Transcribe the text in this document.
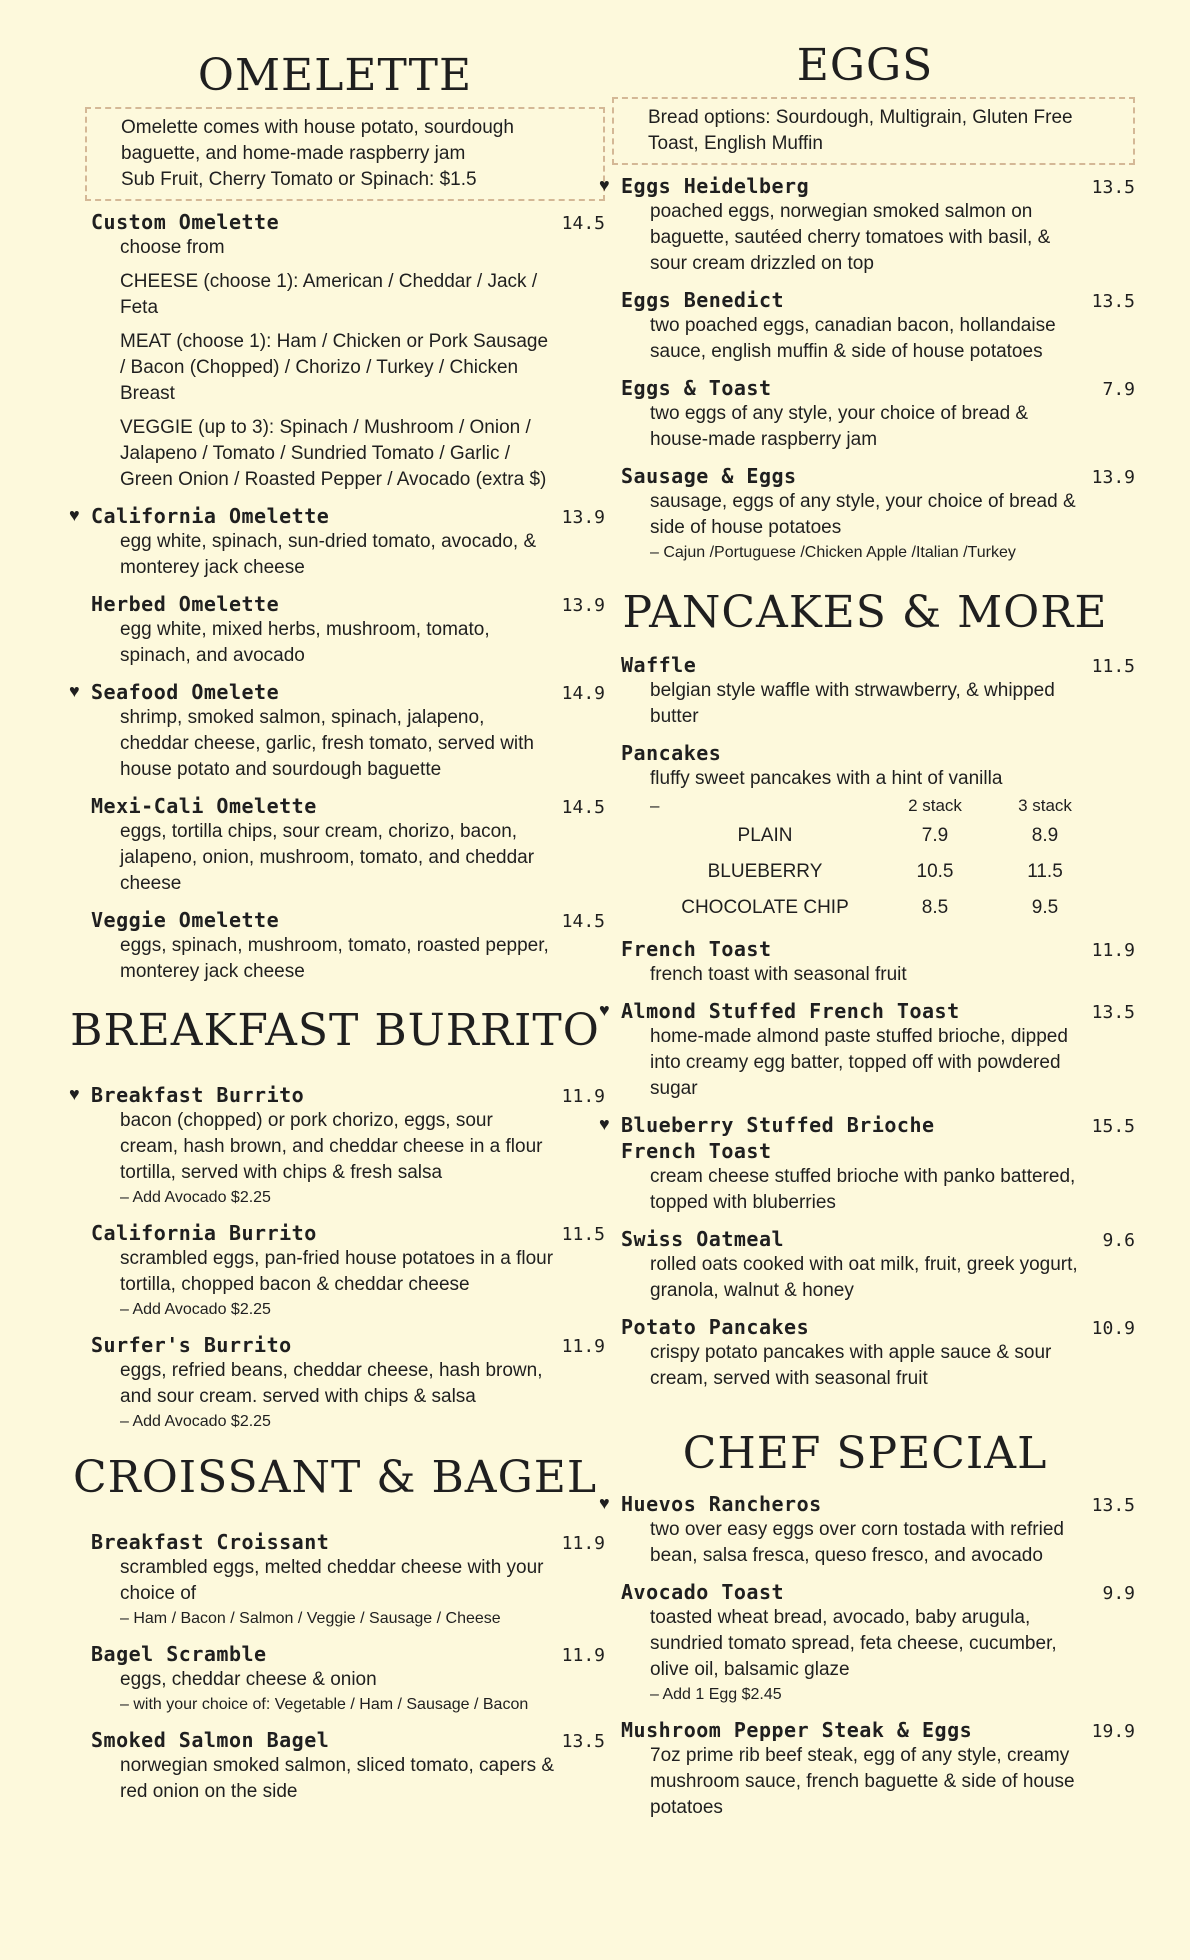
OMELETTE
Omelette comes with house potato, sourdough baguette, and home-made raspberry jam
Sub Fruit, Cherry Tomato or Spinach: $1.5
Custom Omelette	14.5

choose from

CHEESE (choose 1): American / Cheddar / Jack / Feta

MEAT (choose 1): Ham / Chicken or Pork Sausage / Bacon (Chopped) / Chorizo / Turkey / Chicken Breast

VEGGIE (up to 3): Spinach / Mushroom / Onion / Jalapeno / Tomato / Sundried Tomato / Garlic / Green Onion / Roasted Pepper / Avocado (extra $)

♥ California Omelette	13.9
egg white, spinach, sun-dried tomato, avocado, & monterey jack cheese
Herbed Omelette	13.9
egg white, mixed herbs, mushroom, tomato, spinach, and avocado
♥ Seafood Omelete	14.9
shrimp, smoked salmon, spinach, jalapeno, cheddar cheese, garlic, fresh tomato, served with house potato and sourdough baguette
Mexi-Cali Omelette	14.5
eggs, tortilla chips, sour cream, chorizo, bacon, jalapeno, onion, mushroom, tomato, and cheddar cheese
Veggie Omelette	14.5
eggs, spinach, mushroom, tomato, roasted pepper, monterey jack cheese
BREAKFAST BURRITO
♥ Breakfast Burrito	11.9
bacon (chopped) or pork chorizo, eggs, sour cream, hash brown, and cheddar cheese in a flour tortilla, served with chips & fresh salsa
– Add Avocado $2.25
California Burrito	11.5
scrambled eggs, pan-fried house potatoes in a flour tortilla, chopped bacon & cheddar cheese
– Add Avocado $2.25
Surfer's Burrito	11.9
eggs, refried beans, cheddar cheese, hash brown, and sour cream. served with chips & salsa
– Add Avocado $2.25
CROISSANT & BAGEL
Breakfast Croissant	11.9
scrambled eggs, melted cheddar cheese with your choice of
– Ham / Bacon / Salmon / Veggie / Sausage / Cheese
Bagel Scramble	11.9
eggs, cheddar cheese & onion
– with your choice of: Vegetable / Ham / Sausage / Bacon
Smoked Salmon Bagel	13.5
norwegian smoked salmon, sliced tomato, capers & red onion on the side
EGGS
Bread options: Sourdough, Multigrain, Gluten Free Toast, English Muffin
♥ Eggs Heidelberg	13.5
poached eggs, norwegian smoked salmon on baguette, sautéed cherry tomatoes with basil, & sour cream drizzled on top
Eggs Benedict	13.5
two poached eggs, canadian bacon, hollandaise sauce, english muffin & side of house potatoes
Eggs & Toast	7.9
two eggs of any style, your choice of bread & house-made raspberry jam
Sausage & Eggs	13.9
sausage, eggs of any style, your choice of bread & side of house potatoes
– Cajun /Portuguese /Chicken Apple /Italian /Turkey
PANCAKES & MORE
Waffle	11.5
belgian style waffle with strwawberry, & whipped butter
Pancakes
fluffy sweet pancakes with a hint of vanilla
–	2 stack	3 stack
PLAIN	7.9	8.9
BLUEBERRY	10.5	11.5
CHOCOLATE CHIP	8.5	9.5
French Toast	11.9
french toast with seasonal fruit
♥ Almond Stuffed French Toast	13.5
home-made almond paste stuffed brioche, dipped into creamy egg batter, topped off with powdered sugar
♥ Blueberry Stuffed Brioche French Toast
15.5
cream cheese stuffed brioche with panko battered, topped with bluberries
Swiss Oatmeal	9.6
rolled oats cooked with oat milk, fruit, greek yogurt, granola, walnut & honey
Potato Pancakes	10.9
crispy potato pancakes with apple sauce & sour cream, served with seasonal fruit
CHEF SPECIAL
♥ Huevos Rancheros	13.5
two over easy eggs over corn tostada with refried bean, salsa fresca, queso fresco, and avocado
Avocado Toast	9.9
toasted wheat bread, avocado, baby arugula, sundried tomato spread, feta cheese, cucumber, olive oil, balsamic glaze
– Add 1 Egg $2.45
Mushroom Pepper Steak & Eggs	19.9
7oz prime rib beef steak, egg of any style, creamy mushroom sauce, french baguette & side of house potatoes
